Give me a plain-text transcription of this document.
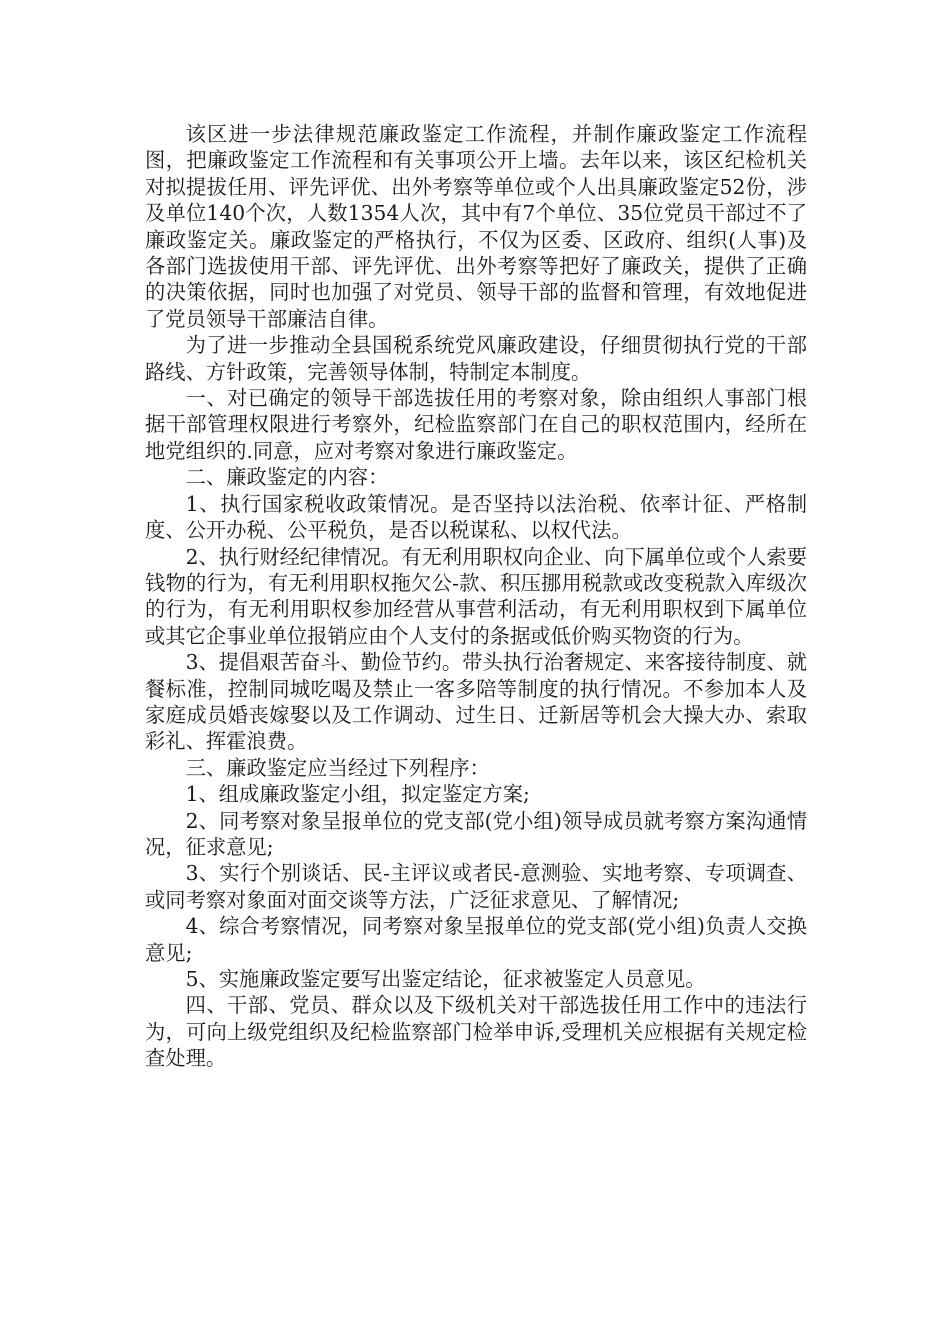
该区进一步法律规范廉政鉴定工作流程，并制作廉政鉴定工作流程图，把廉政鉴定工作流程和有关事项公开上墙。去年以来，该区纪检机关对拟提拔任用、评先评优、出外考察等单位或个人出具廉政鉴定52份，涉及单位140个次，人数1354人次，其中有7个单位、35位党员干部过不了廉政鉴定关。廉政鉴定的严格执行，不仅为区委、区政府、组织(人事)及各部门选拔使用干部、评先评优、出外考察等把好了廉政关，提供了正确的决策依据，同时也加强了对党员、领导干部的监督和管理，有效地促进了党员领导干部廉洁自律。

为了进一步推动全县国税系统党风廉政建设，仔细贯彻执行党的干部路线、方针政策，完善领导体制，特制定本制度。

一、对已确定的领导干部选拔任用的考察对象，除由组织人事部门根据干部管理权限进行考察外，纪检监察部门在自己的职权范围内，经所在地党组织的.同意，应对考察对象进行廉政鉴定。

二、廉政鉴定的内容：

1、执行国家税收政策情况。是否坚持以法治税、依率计征、严格制度、公开办税、公平税负，是否以税谋私、以权代法。

2、执行财经纪律情况。有无利用职权向企业、向下属单位或个人索要钱物的行为，有无利用职权拖欠公-款、积压挪用税款或改变税款入库级次的行为，有无利用职权参加经营从事营利活动，有无利用职权到下属单位或其它企事业单位报销应由个人支付的条据或低价购买物资的行为。

3、提倡艰苦奋斗、勤俭节约。带头执行治奢规定、来客接待制度、就餐标准，控制同城吃喝及禁止一客多陪等制度的执行情况。不参加本人及家庭成员婚丧嫁娶以及工作调动、过生日、迁新居等机会大操大办、索取彩礼、挥霍浪费。

三、廉政鉴定应当经过下列程序：

1、组成廉政鉴定小组，拟定鉴定方案;

2、同考察对象呈报单位的党支部(党小组)领导成员就考察方案沟通情况，征求意见;

3、实行个别谈话、民-主评议或者民-意测验、实地考察、专项调查、或同考察对象面对面交谈等方法，广泛征求意见、了解情况;

4、综合考察情况，同考察对象呈报单位的党支部(党小组)负责人交换意见;

5、实施廉政鉴定要写出鉴定结论，征求被鉴定人员意见。

四、干部、党员、群众以及下级机关对干部选拔任用工作中的违法行为，可向上级党组织及纪检监察部门检举申诉,受理机关应根据有关规定检查处理。
